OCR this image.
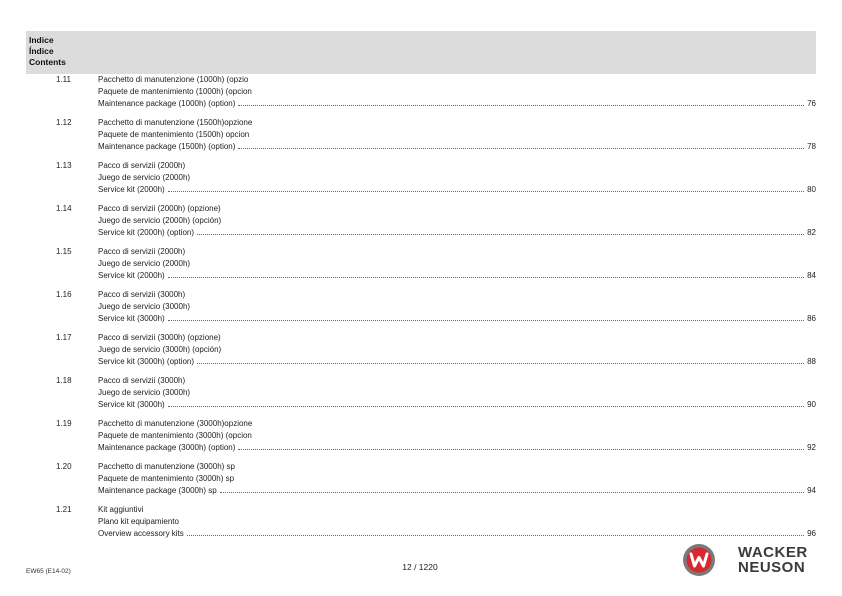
Indice
Índice
Contents
1.11	Pacchetto di manutenzione (1000h) (opzio
Paquete de mantenimiento (1000h) (opcion
Maintenance package (1000h) (option)	76
1.12	Pacchetto di manutenzione (1500h)opzione
Paquete de mantenimiento (1500h) opcion
Maintenance package (1500h) (option)	78
1.13	Pacco di servizii (2000h)
Juego de servicio (2000h)
Service kit (2000h)	80
1.14	Pacco di servizii (2000h) (opzione)
Juego de servicio (2000h) (opción)
Service kit (2000h) (option)	82
1.15	Pacco di servizii (2000h)
Juego de servicio (2000h)
Service kit (2000h)	84
1.16	Pacco di servizii (3000h)
Juego de servicio (3000h)
Service kit (3000h)	86
1.17	Pacco di servizii (3000h) (opzione)
Juego de servicio (3000h) (opción)
Service kit (3000h) (option)	88
1.18	Pacco di servizii (3000h)
Juego de servicio (3000h)
Service kit (3000h)	90
1.19	Pacchetto di manutenzione (3000h)opzione
Paquete de mantenimiento (3000h) (opcion
Maintenance package (3000h) (option)	92
1.20	Pacchetto di manutenzione (3000h) sp
Paquete de mantenimiento (3000h) sp
Maintenance package (3000h) sp	94
1.21	Kit aggiuntivi
Plano kit equipamiento
Overview accessory kits	96
EW65 (E14-02)	12 / 1220
WACKER
NEUSON
